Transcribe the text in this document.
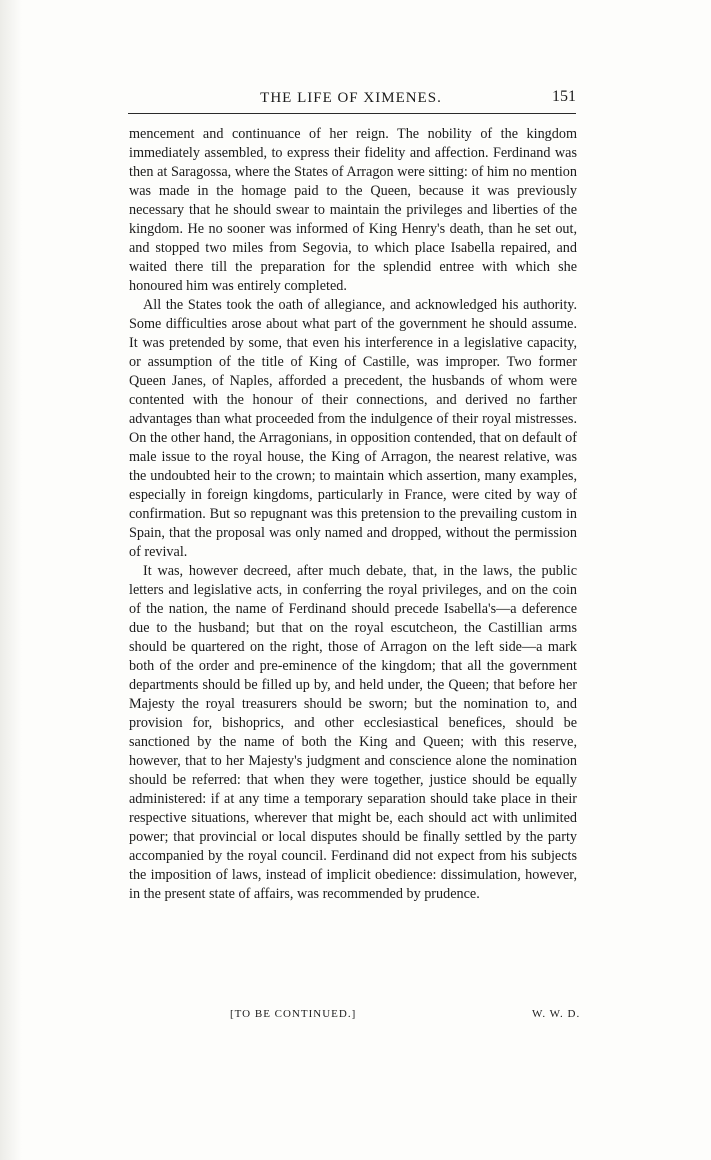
THE LIFE OF XIMENES.	151

mencement and continuance of her reign. The nobility of the kingdom immediately assembled, to express their fidelity and affection. Ferdinand was then at Saragossa, where the States of Arragon were sitting: of him no mention was made in the homage paid to the Queen, because it was previously necessary that he should swear to maintain the privileges and liberties of the kingdom. He no sooner was informed of King Henry's death, than he set out, and stopped two miles from Segovia, to which place Isabella repaired, and waited there till the preparation for the splendid entree with which she honoured him was entirely completed.

All the States took the oath of allegiance, and acknowledged his authority. Some difficulties arose about what part of the government he should assume. It was pretended by some, that even his interference in a legislative capacity, or assumption of the title of King of Castille, was improper. Two former Queen Janes, of Naples, afforded a precedent, the husbands of whom were contented with the honour of their connections, and derived no farther advantages than what proceeded from the indulgence of their royal mistresses. On the other hand, the Arragonians, in opposition contended, that on default of male issue to the royal house, the King of Arragon, the nearest relative, was the undoubted heir to the crown; to maintain which assertion, many examples, especially in foreign kingdoms, particularly in France, were cited by way of confirmation. But so repugnant was this pretension to the prevailing custom in Spain, that the proposal was only named and dropped, without the permission of revival.

It was, however decreed, after much debate, that, in the laws, the public letters and legislative acts, in conferring the royal privileges, and on the coin of the nation, the name of Ferdinand should precede Isabella's—a deference due to the husband; but that on the royal escutcheon, the Castillian arms should be quartered on the right, those of Arragon on the left side—a mark both of the order and pre-eminence of the kingdom; that all the government departments should be filled up by, and held under, the Queen; that before her Majesty the royal treasurers should be sworn; but the nomination to, and provision for, bishoprics, and other ecclesiastical benefices, should be sanctioned by the name of both the King and Queen; with this reserve, however, that to her Majesty's judgment and conscience alone the nomination should be referred: that when they were together, justice should be equally administered: if at any time a temporary separation should take place in their respective situations, wherever that might be, each should act with unlimited power; that provincial or local disputes should be finally settled by the party accompanied by the royal council. Ferdinand did not expect from his subjects the imposition of laws, instead of implicit obedience: dissimulation, however, in the present state of affairs, was recommended by prudence.

[TO BE CONTINUED.]	W. W. D.
